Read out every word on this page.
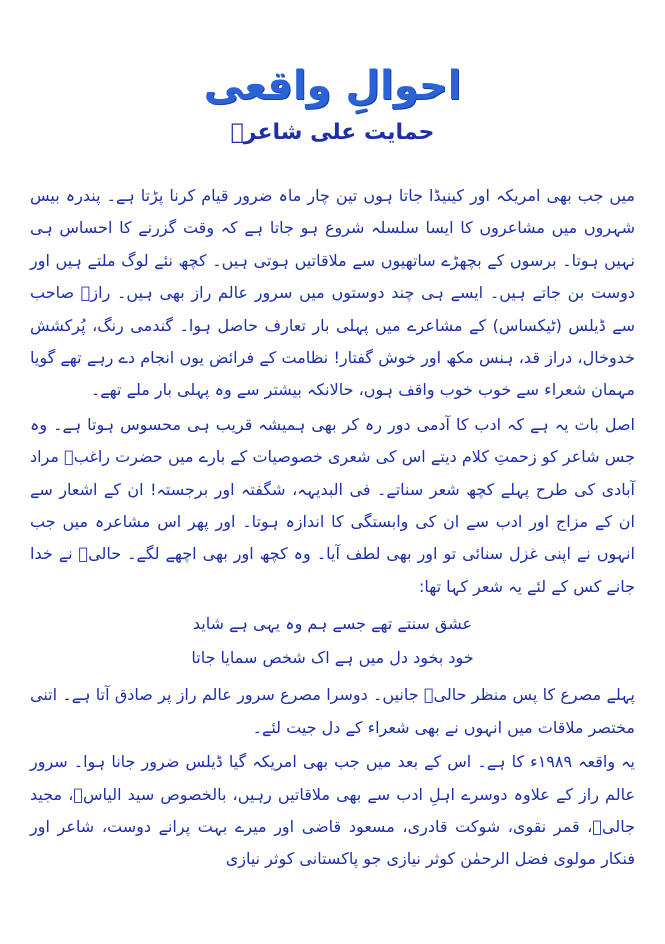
احوالِ واقعی
حمایت علی شاعرؔ

میں جب بھی امریکہ اور کینیڈا جاتا ہوں تین چار ماہ ضرور قیام کرنا پڑتا ہے۔ پندرہ بیس شہروں میں مشاعروں کا ایسا سلسلہ شروع ہو جاتا ہے کہ وقت گزرنے کا احساس ہی نہیں ہوتا۔ برسوں کے بچھڑے ساتھیوں سے ملاقاتیں ہوتی ہیں۔ کچھ نئے لوگ ملتے ہیں اور دوست بن جاتے ہیں۔ ایسے ہی چند دوستوں میں سرور عالم راز بھی ہیں۔ رازؔ صاحب سے ڈیلس (ٹیکساس) کے مشاعرے میں پہلی بار تعارف حاصل ہوا۔ گندمی رنگ، پُرکشش خدوخال، دراز قد، ہنس مکھ اور خوش گفتار! نظامت کے فرائض یوں انجام دے رہے تھے گویا مہمان شعراء سے خوب خوب واقف ہوں، حالانکہ بیشتر سے وہ پہلی بار ملے تھے۔

اصل بات یہ ہے کہ ادب کا آدمی دور رہ کر بھی ہمیشہ قریب ہی محسوس ہوتا ہے۔ وہ جس شاعر کو زحمتِ کلام دیتے اس کی شعری خصوصیات کے بارے میں حضرت راغبؔ مراد آبادی کی طرح پہلے کچھ شعر سناتے۔ فی البدیہہ، شگفتہ اور برجستہ! ان کے اشعار سے ان کے مزاج اور ادب سے ان کی وابستگی کا اندازہ ہوتا۔ اور پھر اس مشاعرہ میں جب انہوں نے اپنی غزل سنائی تو اور بھی لطف آیا۔ وہ کچھ اور بھی اچھے لگے۔ حالیؔ نے خدا جانے کس کے لئے یہ شعر کہا تھا:

عشق سنتے تھے جسے ہم وہ یہی ہے شاید

خود بخود دل میں ہے اک شخص سمایا جاتا

پہلے مصرع کا پس منظر حالیؔ جانیں۔ دوسرا مصرع سرور عالم راز پر صادق آتا ہے۔ اتنی مختصر ملاقات میں انہوں نے بھی شعراء کے دل جیت لئے۔

یہ واقعہ ۱۹۸۹ء کا ہے۔ اس کے بعد میں جب بھی امریکہ گیا ڈیلس ضرور جانا ہوا۔ سرور عالم راز کے علاوہ دوسرے اہلِ ادب سے بھی ملاقاتیں رہیں، بالخصوص سید الیاسؔ، مجید جالیؔ، قمر نقوی، شوکت قادری، مسعود قاضی اور میرے بہت پرانے دوست، شاعر اور فنکار مولوی فضل الرحمٰن کوثر نیازی جو پاکستانی کوثر نیازی
